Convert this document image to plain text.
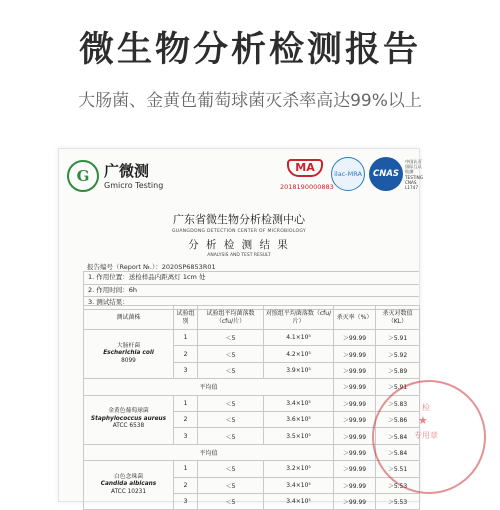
微生物分析检测报告
大肠菌、金黄色葡萄球菌灭杀率高达99%以上
G 广微测
Gmicro Testing
MA
2018190000883
ilac-MRA	CNAS
中国认可
国际互认
检测
TESTING
CNAS L1747
广东省微生物分析检测中心
GUANGDONG DETECTION CENTER OF MICROBIOLOGY
分 析 检 测 结 果
ANALYSIS AND TEST RESULT
报告编号（Report №.）：2020SP6853R01
1. 作用位置：送检样品内距离灯 1cm 处
2. 作用时间：6h
3. 测试结果：
测试菌株	试验组别	试验组平均菌落数（cfu/片）	对照组平均菌落数（cfu/片）	杀灭率（%）	杀灭对数值（KL）

大肠杆菌
Escherichia coli
8099	1	＜5	4.1×10⁵	＞99.99	＞5.91
	2	＜5	4.2×10⁵	＞99.99	＞5.92
	3	＜5	3.9×10⁵	＞99.99	＞5.89
平均值				＞99.99	＞5.91

金黄色葡萄球菌
Staphylococcus aureus
ATCC 6538	1	＜5	3.4×10⁵	＞99.99	＞5.83
	2	＜5	3.6×10⁵	＞99.99	＞5.86
	3	＜5	3.5×10⁵	＞99.99	＞5.84
平均值				＞99.99	＞5.84

白色念珠菌
Candida albicans
ATCC 10231	1	＜5	3.2×10⁵	＞99.99	＞5.51
	2	＜5	3.4×10⁵	＞99.99	＞5.53
	3	＜5	3.4×10⁵	＞99.99	＞5.53
检
★
专用章
